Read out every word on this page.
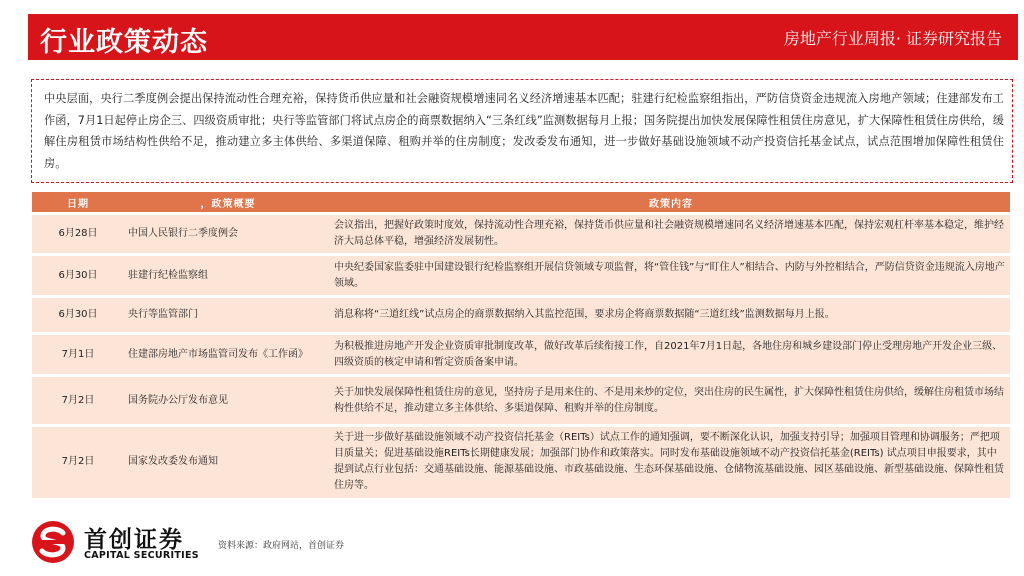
行业政策动态	房地产行业周报· 证券研究报告
中央层面，央行二季度例会提出保持流动性合理充裕，保持货币供应量和社会融资规模增速同名义经济增速基本匹配；驻建行纪检监察组指出，严防信贷资金违规流入房地产领域；住建部发布工作函，7月1日起停止房企三、四级资质审批；央行等监管部门将试点房企的商票数据纳入“三条红线”监测数据每月上报；国务院提出加快发展保障性租赁住房意见，扩大保障性租赁住房供给，缓解住房租赁市场结构性供给不足，推动建立多主体供给、多渠道保障、租购并举的住房制度；发改委发布通知，进一步做好基础设施领域不动产投资信托基金试点，试点范围增加保障性租赁住房。
日期	，政策概要	政策内容
6月28日	中国人民银行二季度例会	会议指出，把握好政策时度效，保持流动性合理充裕，保持货币供应量和社会融资规模增速同名义经济增速基本匹配，保持宏观杠杆率基本稳定，维护经济大局总体平稳，增强经济发展韧性。
6月30日	驻建行纪检监察组	中央纪委国家监委驻中国建设银行纪检监察组开展信贷领域专项监督，将“管住钱”与“盯住人”相结合、内防与外控相结合，严防信贷资金违规流入房地产领域。
6月30日	央行等监管部门	消息称将“三道红线”试点房企的商票数据纳入其监控范围，要求房企将商票数据随“三道红线”监测数据每月上报。
7月1日	住建部房地产市场监管司发布《工作函》	为积极推进房地产开发企业资质审批制度改革，做好改革后续衔接工作，自2021年7月1日起，各地住房和城乡建设部门停止受理房地产开发企业三级、四级资质的核定申请和暂定资质备案申请。
7月2日	国务院办公厅发布意见	关于加快发展保障性租赁住房的意见，坚持房子是用来住的、不是用来炒的定位，突出住房的民生属性，扩大保障性租赁住房供给，缓解住房租赁市场结构性供给不足，推动建立多主体供给、多渠道保障、租购并举的住房制度。
7月2日	国家发改委发布通知	关于进一步做好基础设施领域不动产投资信托基金（REITs）试点工作的通知强调，要不断深化认识，加强支持引导；加强项目管理和协调服务；严把项目质量关；促进基础设施REITs长期健康发展；加强部门协作和政策落实。同时发布基础设施领域不动产投资信托基金(REITs) 试点项目申报要求，其中提到试点行业包括：交通基础设施、能源基础设施、市政基础设施、生态环保基础设施、仓储物流基础设施、园区基础设施、新型基础设施、保障性租赁住房等。
首创证券
CAPITAL SECURITIES
资料来源：政府网站，首创证券
